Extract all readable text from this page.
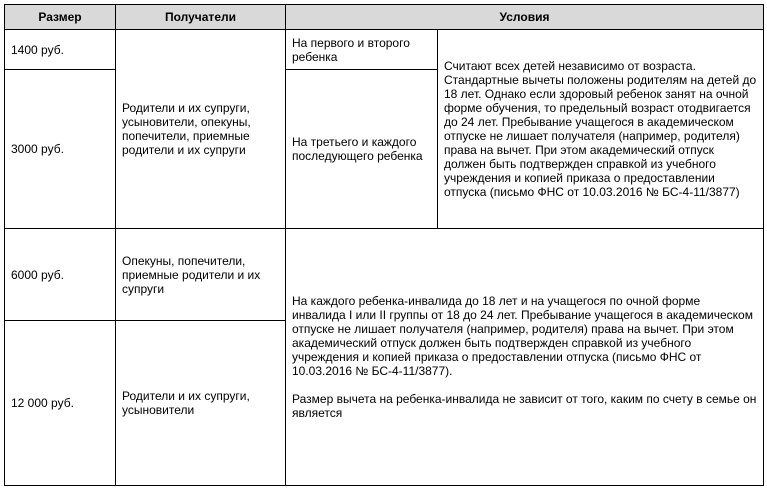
Размер	Получатели	Условия	
1400 руб.	Родители и их супруги, усыновители, опекуны, попечители, приемные родители и их супруги	На первого и второго ребенка	Считают всех детей независимо от возраста. Стандартные вычеты положены родителям на детей до 18 лет. Однако если здоровый ребенок занят на очной форме обучения, то предельный возраст отодвигается до 24 лет. Пребывание учащегося в академическом отпуске не лишает получателя (например, родителя) права на вычет. При этом академический отпуск должен быть подтвержден справкой из учебного учреждения и копией приказа о предоставлении отпуска (письмо ФНС от 10.03.2016 № БС-4-11/3877)
3000 руб.		На третьего и каждого последующего ребенка	
6000 руб.	Опекуны, попечители, приемные родители и их супруги	На каждого ребенка-инвалида до 18 лет и на учащегося по очной форме инвалида I или II группы от 18 до 24 лет. Пребывание учащегося в академическом отпуске не лишает получателя (например, родителя) права на вычет. При этом академический отпуск должен быть подтвержден справкой из учебного учреждения и копией приказа о предоставлении отпуска (письмо ФНС от 10.03.2016 № БС-4-11/3877).

Размер вычета на ребенка-инвалида не зависит от того, каким по счету в семье он является	

12 000 руб.	Родители и их супруги, усыновители		
